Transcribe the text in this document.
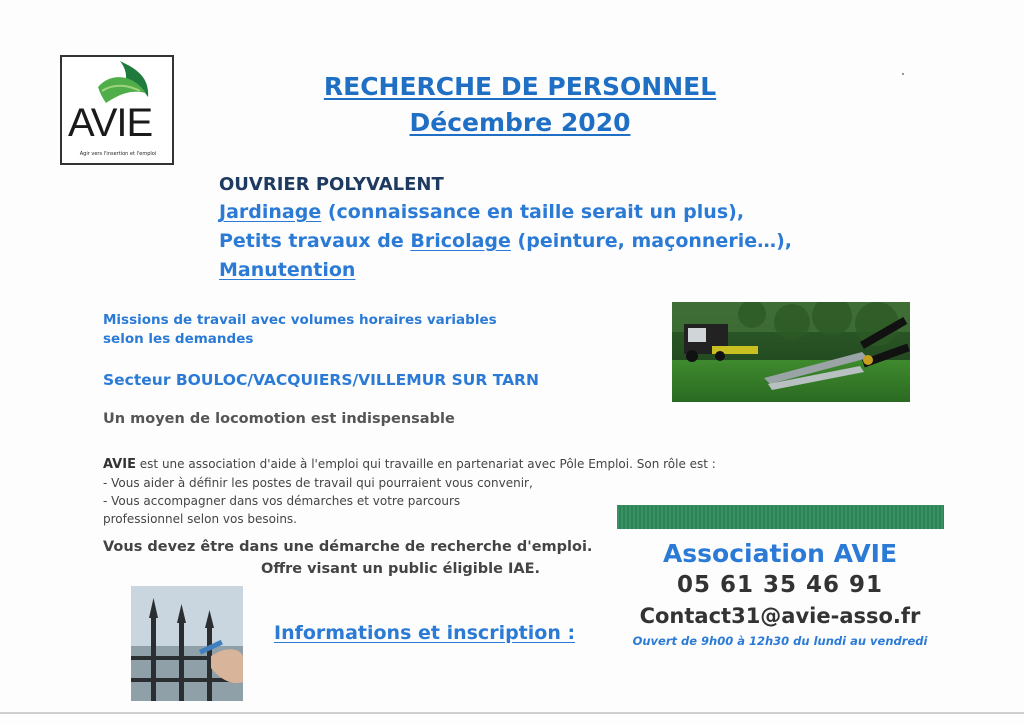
AVIE
Agir vers l'insertion et l'emploi
RECHERCHE DE PERSONNEL
Décembre 2020
OUVRIER POLYVALENT
Jardinage (connaissance en taille serait un plus),
Petits travaux de Bricolage (peinture, maçonnerie…),
Manutention
Missions de travail avec volumes horaires variables
selon les demandes
Secteur BOULOC/VACQUIERS/VILLEMUR SUR TARN
Un moyen de locomotion est indispensable
AVIE est une association d'aide à l'emploi qui travaille en partenariat avec Pôle Emploi. Son rôle est :
- Vous aider à définir les postes de travail qui pourraient vous convenir,
- Vous accompagner dans vos démarches et votre parcours
professionnel selon vos besoins.
Vous devez être dans une démarche de recherche d'emploi.
Offre visant un public éligible IAE.
Informations et inscription :
Association AVIE
05 61 35 46 91
Contact31@avie-asso.fr
Ouvert de 9h00 à 12h30 du lundi au vendredi
